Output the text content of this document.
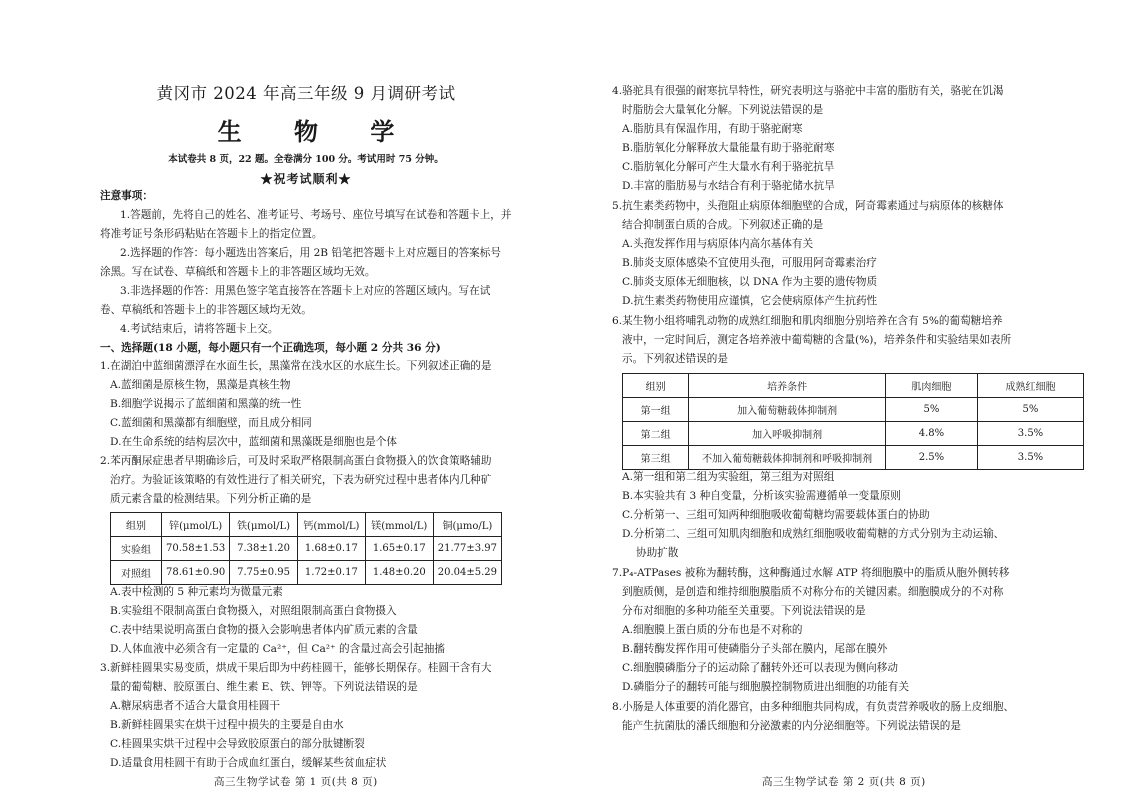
黄冈市 2024 年高三年级 9 月调研考试
生 物 学
本试卷共 8 页，22 题。全卷满分 100 分。考试用时 75 分钟。
★祝考试顺利★
注意事项：
1.答题前，先将自己的姓名、准考证号、考场号、座位号填写在试卷和答题卡上，并
将准考证号条形码粘贴在答题卡上的指定位置。
2.选择题的作答：每小题选出答案后，用 2B 铅笔把答题卡上对应题目的答案标号
涂黑。写在试卷、草稿纸和答题卡上的非答题区域均无效。
3.非选择题的作答：用黑色签字笔直接答在答题卡上对应的答题区域内。写在试
卷、草稿纸和答题卡上的非答题区域均无效。
4.考试结束后，请将答题卡上交。
一、选择题(18 小题，每小题只有一个正确选项，每小题 2 分共 36 分)
1.在湖泊中蓝细菌漂浮在水面生长，黑藻常在浅水区的水底生长。下列叙述正确的是
A.蓝细菌是原核生物，黑藻是真核生物
B.细胞学说揭示了蓝细菌和黑藻的统一性
C.蓝细菌和黑藻都有细胞壁，而且成分相同
D.在生命系统的结构层次中，蓝细菌和黑藻既是细胞也是个体
2.苯丙酮尿症患者早期确诊后，可及时采取严格限制高蛋白食物摄入的饮食策略辅助
治疗。为验证该策略的有效性进行了相关研究，下表为研究过程中患者体内几种矿
质元素含量的检测结果。下列分析正确的是
组别	锌(μmol/L)	铁(μmol/L)	钙(mmol/L)	镁(mmol/L)	铜(μmo/L)
实验组	70.58±1.53	7.38±1.20	1.68±0.17	1.65±0.17	21.77±3.97
对照组	78.61±0.90	7.75±0.95	1.72±0.17	1.48±0.20	20.04±5.29
A.表中检测的 5 种元素均为微量元素
B.实验组不限制高蛋白食物摄入，对照组限制高蛋白食物摄入
C.表中结果说明高蛋白食物的摄入会影响患者体内矿质元素的含量
D.人体血液中必须含有一定量的 Ca²⁺，但 Ca²⁺ 的含量过高会引起抽搐
3.新鲜桂圆果实易变质，烘成干果后即为中药桂圆干，能够长期保存。桂圆干含有大
量的葡萄糖、胶原蛋白、维生素 E、铁、钾等。下列说法错误的是
A.糖尿病患者不适合大量食用桂圆干
B.新鲜桂圆果实在烘干过程中损失的主要是自由水
C.桂圆果实烘干过程中会导致胶原蛋白的部分肽键断裂
D.适量食用桂圆干有助于合成血红蛋白，缓解某些贫血症状
高三生物学试卷 第 1 页(共 8 页)
4.骆驼具有很强的耐寒抗旱特性，研究表明这与骆驼中丰富的脂肪有关，骆驼在饥渴
时脂肪会大量氧化分解。下列说法错误的是
A.脂肪具有保温作用，有助于骆驼耐寒
B.脂肪氧化分解释放大量能量有助于骆驼耐寒
C.脂肪氧化分解可产生大量水有利于骆驼抗旱
D.丰富的脂肪易与水结合有利于骆驼储水抗旱
5.抗生素类药物中，头孢阻止病原体细胞壁的合成，阿奇霉素通过与病原体的核糖体
结合抑制蛋白质的合成。下列叙述正确的是
A.头孢发挥作用与病原体内高尔基体有关
B.肺炎支原体感染不宜使用头孢，可服用阿奇霉素治疗
C.肺炎支原体无细胞核，以 DNA 作为主要的遗传物质
D.抗生素类药物使用应谨慎，它会使病原体产生抗药性
6.某生物小组将哺乳动物的成熟红细胞和肌肉细胞分别培养在含有 5%的葡萄糖培养
液中，一定时间后，测定各培养液中葡萄糖的含量(%)，培养条件和实验结果如表所
示。下列叙述错误的是
组别	培养条件	肌肉细胞	成熟红细胞
第一组	加入葡萄糖载体抑制剂	5%	5%
第二组	加入呼吸抑制剂	4.8%	3.5%
第三组	不加入葡萄糖载体抑制剂和呼吸抑制剂	2.5%	3.5%
A.第一组和第二组为实验组，第三组为对照组
B.本实验共有 3 种自变量，分析该实验需遵循单一变量原则
C.分析第一、三组可知两种细胞吸收葡萄糖均需要载体蛋白的协助
D.分析第二、三组可知肌肉细胞和成熟红细胞吸收葡萄糖的方式分别为主动运输、
协助扩散
7.P₄-ATPases 被称为翻转酶，这种酶通过水解 ATP 将细胞膜中的脂质从胞外侧转移
到胞质侧，是创造和维持细胞膜脂质不对称分布的关键因素。细胞膜成分的不对称
分布对细胞的多种功能至关重要。下列说法错误的是
A.细胞膜上蛋白质的分布也是不对称的
B.翻转酶发挥作用可使磷脂分子头部在膜内，尾部在膜外
C.细胞膜磷脂分子的运动除了翻转外还可以表现为侧向移动
D.磷脂分子的翻转可能与细胞膜控制物质进出细胞的功能有关
8.小肠是人体重要的消化器官，由多种细胞共同构成，有负责营养吸收的肠上皮细胞、
能产生抗菌肽的潘氏细胞和分泌激素的内分泌细胞等。下列说法错误的是
高三生物学试卷 第 2 页(共 8 页)
